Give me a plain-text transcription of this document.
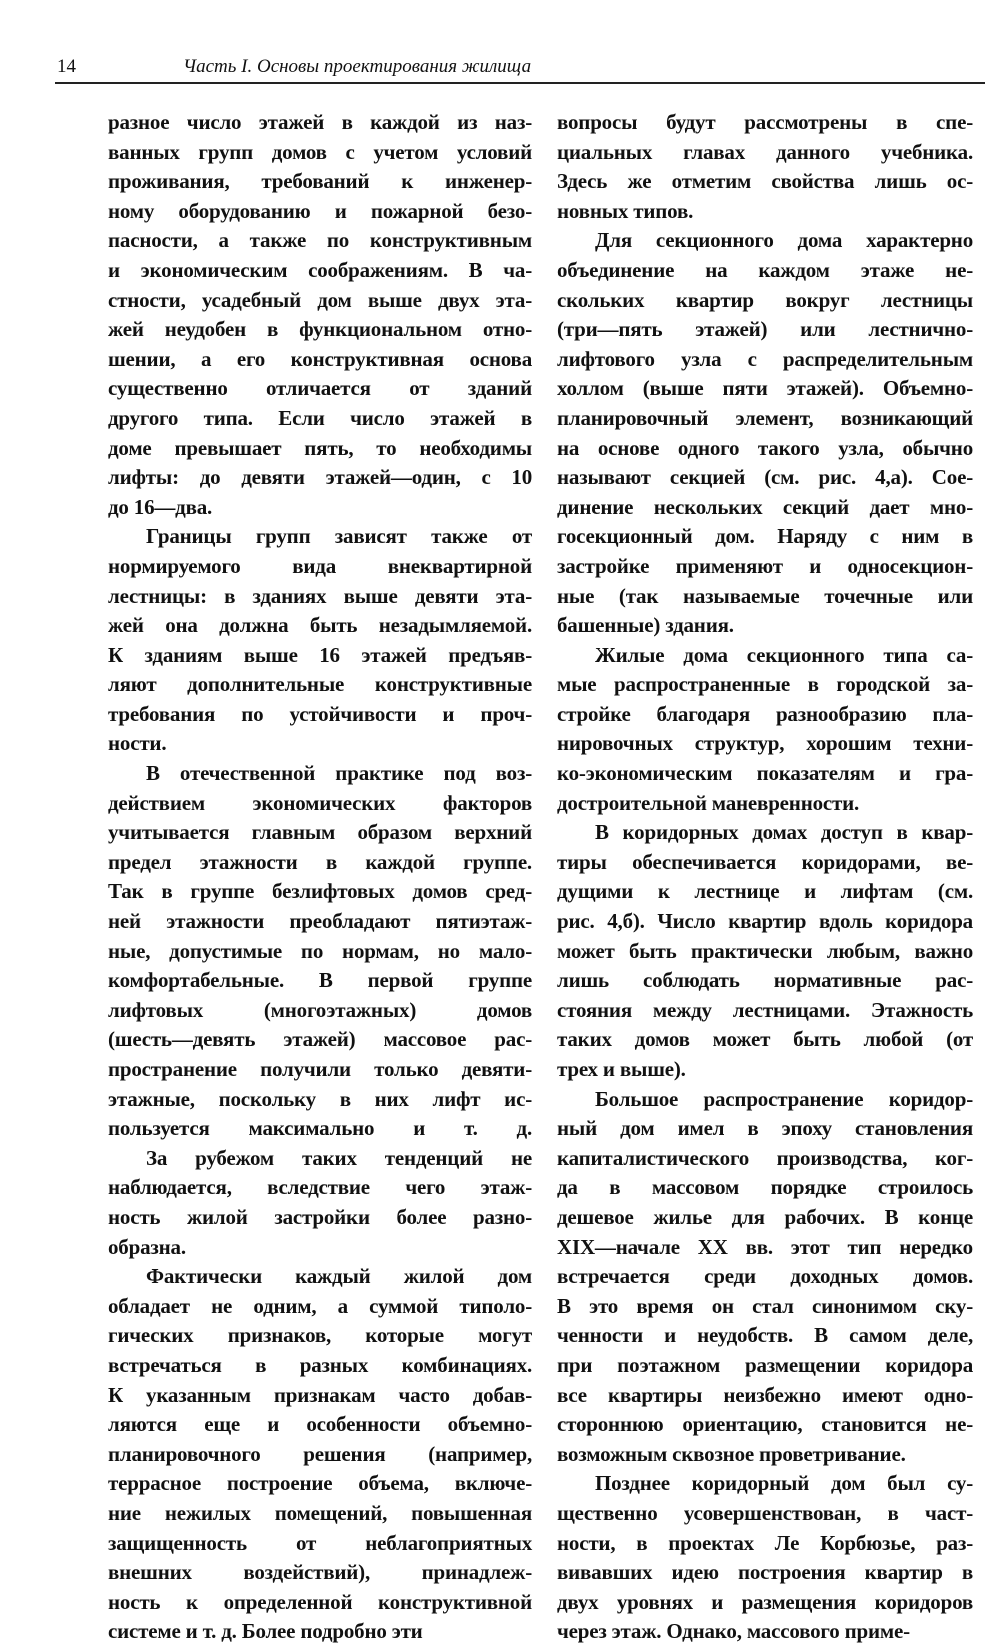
14	Часть I. Основы проектирования жилища
разное число этажей в каждой из наз-
ванных групп домов с учетом условий
проживания, требований к инженер-
ному оборудованию и пожарной безо-
пасности, а также по конструктивным
и экономическим соображениям. В ча-
стности, усадебный дом выше двух эта-
жей неудобен в функциональном отно-
шении, а его конструктивная основа
существенно отличается от зданий
другого типа. Если число этажей в
доме превышает пять, то необходимы
лифты: до девяти этажей—один, с 10
до 16—два.
Границы групп зависят также от
нормируемого вида внеквартирной
лестницы: в зданиях выше девяти эта-
жей она должна быть незадымляемой.
К зданиям выше 16 этажей предъяв-
ляют дополнительные конструктивные
требования по устойчивости и проч-
ности.
В отечественной практике под воз-
действием экономических факторов
учитывается главным образом верхний
предел этажности в каждой группе.
Так в группе безлифтовых домов сред-
ней этажности преобладают пятиэтаж-
ные, допустимые по нормам, но мало-
комфортабельные. В первой группе
лифтовых (многоэтажных) домов
(шесть—девять этажей) массовое рас-
пространение получили только девяти-
этажные, поскольку в них лифт ис-
пользуется максимально и т. д.
За рубежом таких тенденций не
наблюдается, вследствие чего этаж-
ность жилой застройки более разно-
образна.
Фактически каждый жилой дом
обладает не одним, а суммой типоло-
гических признаков, которые могут
встречаться в разных комбинациях.
К указанным признакам часто добав-
ляются еще и особенности объемно-
планировочного решения (например,
террасное построение объема, включе-
ние нежилых помещений, повышенная
защищенность от неблагоприятных
внешних воздействий), принадлеж-
ность к определенной конструктивной
системе и т. д. Более подробно эти
вопросы будут рассмотрены в спе-
циальных главах данного учебника.
Здесь же отметим свойства лишь ос-
новных типов.
Для секционного дома характерно
объединение на каждом этаже не-
скольких квартир вокруг лестницы
(три—пять этажей) или лестнично-
лифтового узла с распределительным
холлом (выше пяти этажей). Объемно-
планировочный элемент, возникающий
на основе одного такого узла, обычно
называют секцией (см. рис. 4,а). Сое-
динение нескольких секций дает мно-
госекционный дом. Наряду с ним в
застройке применяют и односекцион-
ные (так называемые точечные или
башенные) здания.
Жилые дома секционного типа са-
мые распространенные в городской за-
стройке благодаря разнообразию пла-
нировочных структур, хорошим техни-
ко-экономическим показателям и гра-
достроительной маневренности.
В коридорных домах доступ в квар-
тиры обеспечивается коридорами, ве-
дущими к лестнице и лифтам (см.
рис. 4,б). Число квартир вдоль коридора
может быть практически любым, важно
лишь соблюдать нормативные рас-
стояния между лестницами. Этажность
таких домов может быть любой (от
трех и выше).
Большое распространение коридор-
ный дом имел в эпоху становления
капиталистического производства, ког-
да в массовом порядке строилось
дешевое жилье для рабочих. В конце
XIX—начале XX вв. этот тип нередко
встречается среди доходных домов.
В это время он стал синонимом ску-
ченности и неудобств. В самом деле,
при поэтажном размещении коридора
все квартиры неизбежно имеют одно-
стороннюю ориентацию, становится не-
возможным сквозное проветривание.
Позднее коридорный дом был су-
щественно усовершенствован, в част-
ности, в проектах Ле Корбюзье, раз-
вивавших идею построения квартир в
двух уровнях и размещения коридоров
через этаж. Однако, массового приме-
